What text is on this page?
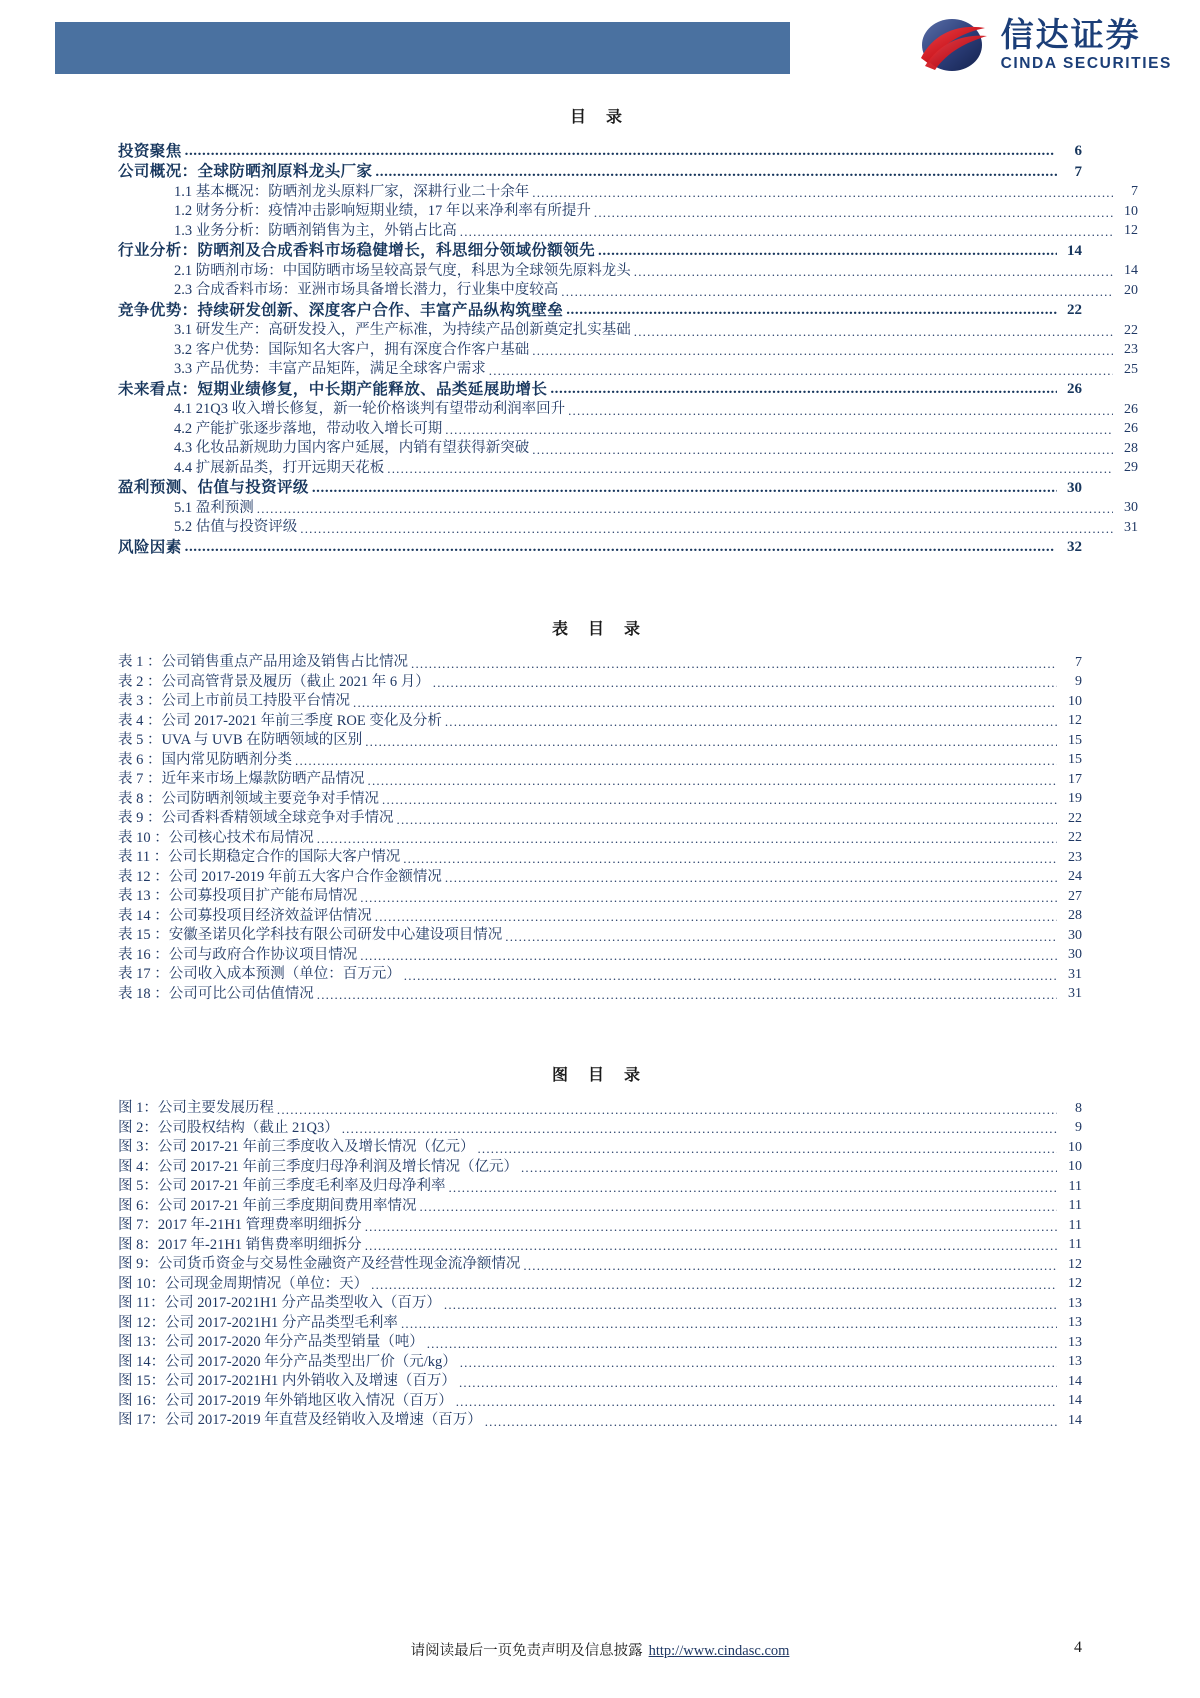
信达证券
CINDA SECURITIES
目 录
投资聚焦 .....	6
公司概况：全球防晒剂原料龙头厂家 .....	7
1.1 基本概况：防晒剂龙头原料厂家，深耕行业二十余年 .....	7
1.2 财务分析：疫情冲击影响短期业绩，17 年以来净利率有所提升 .....	10
1.3 业务分析：防晒剂销售为主，外销占比高 .....	12
行业分析：防晒剂及合成香料市场稳健增长，科思细分领域份额领先 .....	14
2.1 防晒剂市场：中国防晒市场呈较高景气度，科思为全球领先原料龙头 .....	14
2.3 合成香料市场：亚洲市场具备增长潜力，行业集中度较高 .....	20
竞争优势：持续研发创新、深度客户合作、丰富产品纵构筑壁垒 .....	22
3.1 研发生产：高研发投入，严生产标准，为持续产品创新奠定扎实基础 .....	22
3.2 客户优势：国际知名大客户，拥有深度合作客户基础 .....	23
3.3 产品优势：丰富产品矩阵，满足全球客户需求 .....	25
未来看点：短期业绩修复，中长期产能释放、品类延展助增长 .....	26
4.1 21Q3 收入增长修复，新一轮价格谈判有望带动利润率回升 .....	26
4.2 产能扩张逐步落地，带动收入增长可期 .....	26
4.3 化妆品新规助力国内客户延展，内销有望获得新突破 .....	28
4.4 扩展新品类，打开远期天花板 .....	29
盈利预测、估值与投资评级 .....	30
5.1 盈利预测 .....	30
5.2 估值与投资评级 .....	31
风险因素 .....	32
表 目 录
表 1 ：公司销售重点产品用途及销售占比情况 .....	7
表 2 ：公司高管背景及履历（截止 2021 年 6 月） .....	9
表 3 ：公司上市前员工持股平台情况 .....	10
表 4 ：公司 2017-2021 年前三季度 ROE 变化及分析 .....	12
表 5 ：UVA 与 UVB 在防晒领域的区别 .....	15
表 6 ：国内常见防晒剂分类 .....	15
表 7 ：近年来市场上爆款防晒产品情况 .....	17
表 8 ：公司防晒剂领域主要竞争对手情况 .....	19
表 9 ：公司香料香精领域全球竞争对手情况 .....	22
表 10 ：公司核心技术布局情况 .....	22
表 11 ：公司长期稳定合作的国际大客户情况 .....	23
表 12 ：公司 2017-2019 年前五大客户合作金额情况 .....	24
表 13 ：公司募投项目扩产能布局情况 .....	27
表 14 ：公司募投项目经济效益评估情况 .....	28
表 15 ：安徽圣诺贝化学科技有限公司研发中心建设项目情况 .....	30
表 16 ：公司与政府合作协议项目情况 .....	30
表 17 ：公司收入成本预测（单位：百万元） .....	31
表 18 ：公司可比公司估值情况 .....	31
图 目 录
图 1：公司主要发展历程 .....	8
图 2：公司股权结构（截止 21Q3） .....	9
图 3：公司 2017-21 年前三季度收入及增长情况（亿元） .....	10
图 4：公司 2017-21 年前三季度归母净利润及增长情况（亿元） .....	10
图 5：公司 2017-21 年前三季度毛利率及归母净利率 .....	11
图 6：公司 2017-21 年前三季度期间费用率情况 .....	11
图 7：2017 年-21H1 管理费率明细拆分 .....	11
图 8：2017 年-21H1 销售费率明细拆分 .....	11
图 9：公司货币资金与交易性金融资产及经营性现金流净额情况 .....	12
图 10：公司现金周期情况（单位：天） .....	12
图 11：公司 2017-2021H1 分产品类型收入（百万） .....	13
图 12：公司 2017-2021H1 分产品类型毛利率 .....	13
图 13：公司 2017-2020 年分产品类型销量（吨） .....	13
图 14：公司 2017-2020 年分产品类型出厂价（元/kg） .....	13
图 15：公司 2017-2021H1 内外销收入及增速（百万） .....	14
图 16：公司 2017-2019 年外销地区收入情况（百万） .....	14
图 17：公司 2017-2019 年直营及经销收入及增速（百万） .....	14
请阅读最后一页免责声明及信息披露 http://www.cindasc.com	4
